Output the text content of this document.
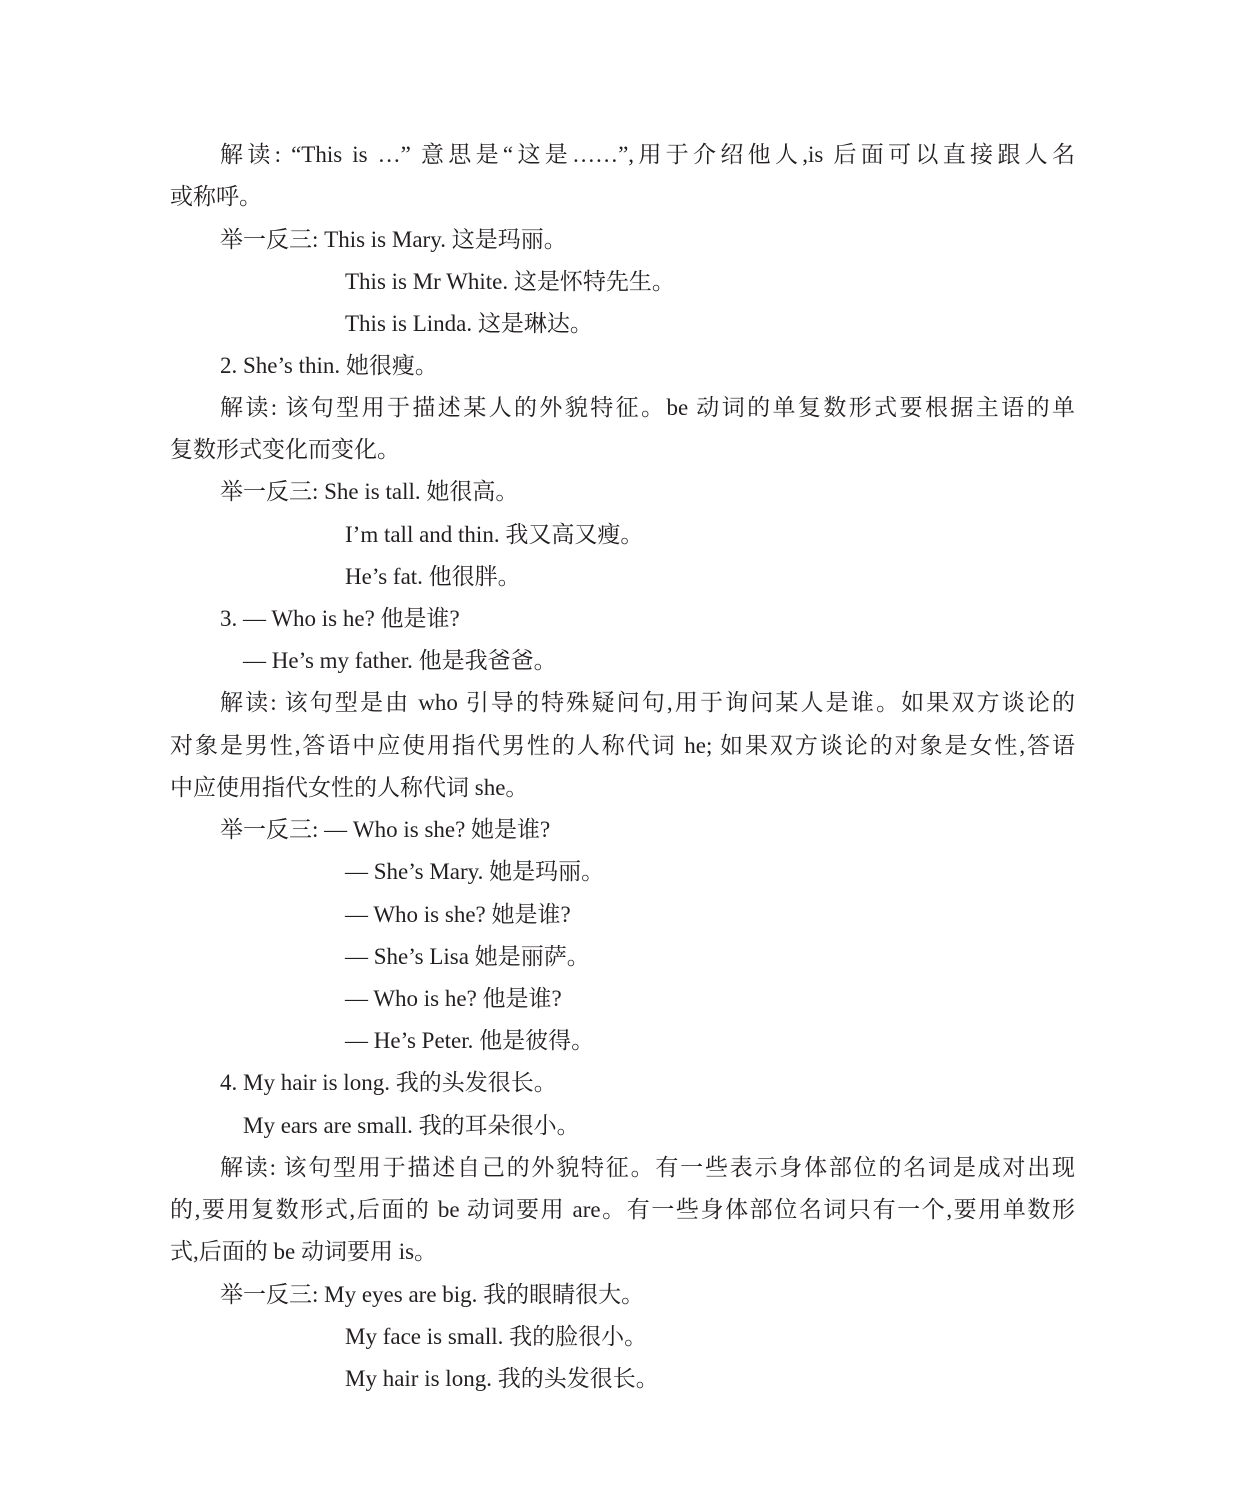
解读: “This is …” 意思是“这是……”,用于介绍他人,is 后面可以直接跟人名
或称呼。
举一反三: This is Mary. 这是玛丽。
This is Mr White. 这是怀特先生。
This is Linda. 这是琳达。
2. She’s thin. 她很瘦。
解读: 该句型用于描述某人的外貌特征。be 动词的单复数形式要根据主语的单
复数形式变化而变化。
举一反三: She is tall. 她很高。
I’m tall and thin. 我又高又瘦。
He’s fat. 他很胖。
3. — Who is he? 他是谁?
— He’s my father. 他是我爸爸。
解读: 该句型是由 who 引导的特殊疑问句,用于询问某人是谁。如果双方谈论的
对象是男性,答语中应使用指代男性的人称代词 he; 如果双方谈论的对象是女性,答语
中应使用指代女性的人称代词 she。
举一反三: — Who is she? 她是谁?
— She’s Mary. 她是玛丽。
— Who is she? 她是谁?
— She’s Lisa 她是丽萨。
— Who is he? 他是谁?
— He’s Peter. 他是彼得。
4. My hair is long. 我的头发很长。
My ears are small. 我的耳朵很小。
解读: 该句型用于描述自己的外貌特征。有一些表示身体部位的名词是成对出现
的,要用复数形式,后面的 be 动词要用 are。有一些身体部位名词只有一个,要用单数形
式,后面的 be 动词要用 is。
举一反三: My eyes are big. 我的眼睛很大。
My face is small. 我的脸很小。
My hair is long. 我的头发很长。
